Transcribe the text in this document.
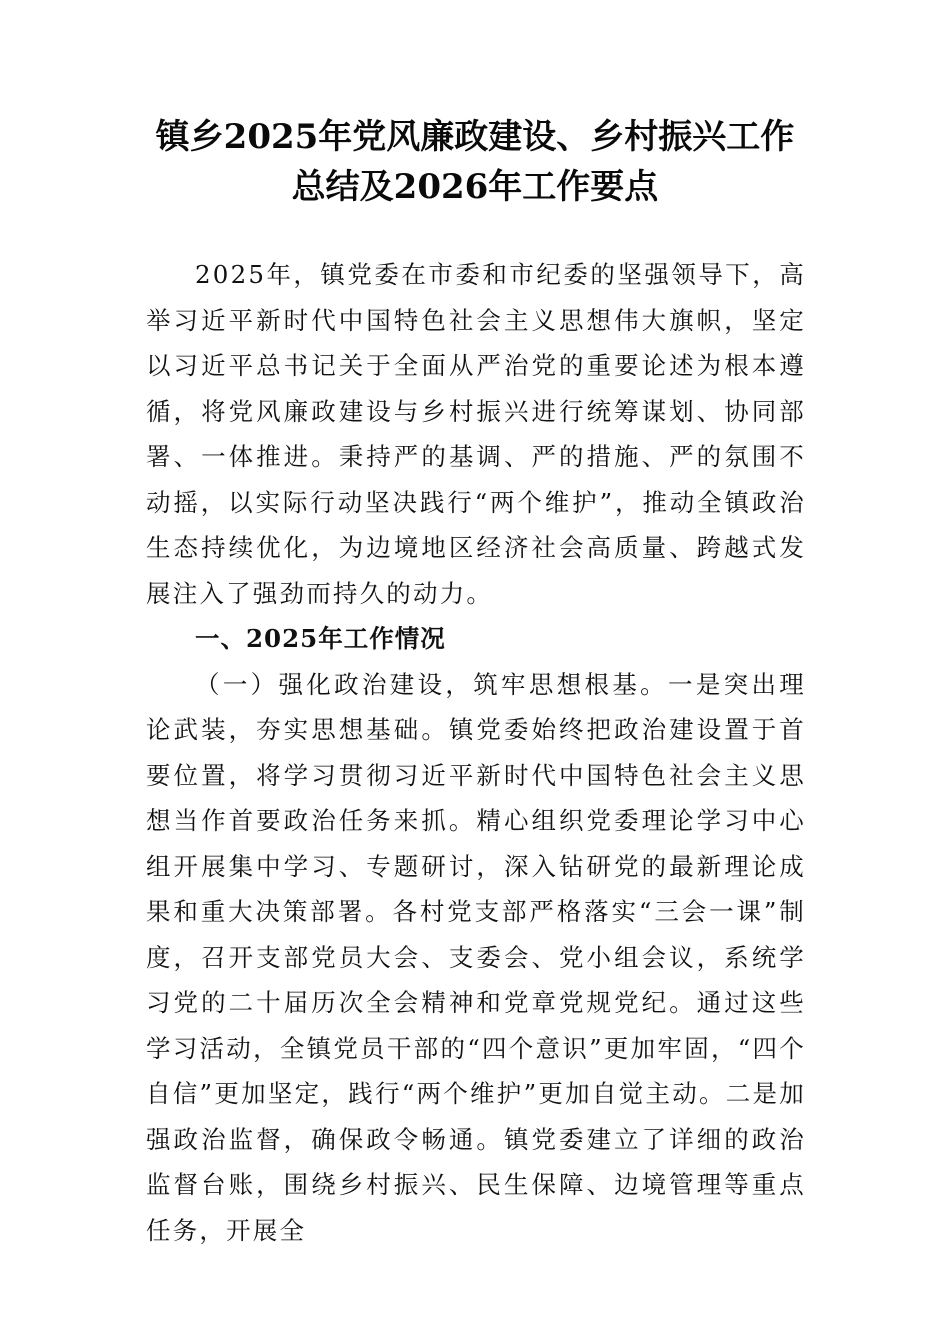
镇乡2025年党风廉政建设、乡村振兴工作
总结及2026年工作要点

2025年，镇党委在市委和市纪委的坚强领导下，高举习近平新时代中国特色社会主义思想伟大旗帜，坚定以习近平总书记关于全面从严治党的重要论述为根本遵循，将党风廉政建设与乡村振兴进行统筹谋划、协同部署、一体推进。秉持严的基调、严的措施、严的氛围不动摇，以实际行动坚决践行“两个维护”，推动全镇政治生态持续优化，为边境地区经济社会高质量、跨越式发展注入了强劲而持久的动力。

一、2025年工作情况

（一）强化政治建设，筑牢思想根基。一是突出理论武装，夯实思想基础。镇党委始终把政治建设置于首要位置，将学习贯彻习近平新时代中国特色社会主义思想当作首要政治任务来抓。精心组织党委理论学习中心组开展集中学习、专题研讨，深入钻研党的最新理论成果和重大决策部署。各村党支部严格落实“三会一课”制度，召开支部党员大会、支委会、党小组会议，系统学习党的二十届历次全会精神和党章党规党纪。通过这些学习活动，全镇党员干部的“四个意识”更加牢固，“四个自信”更加坚定，践行“两个维护”更加自觉主动。二是加强政治监督，确保政令畅通。镇党委建立了详细的政治监督台账，围绕乡村振兴、民生保障、边境管理等重点任务，开展全
